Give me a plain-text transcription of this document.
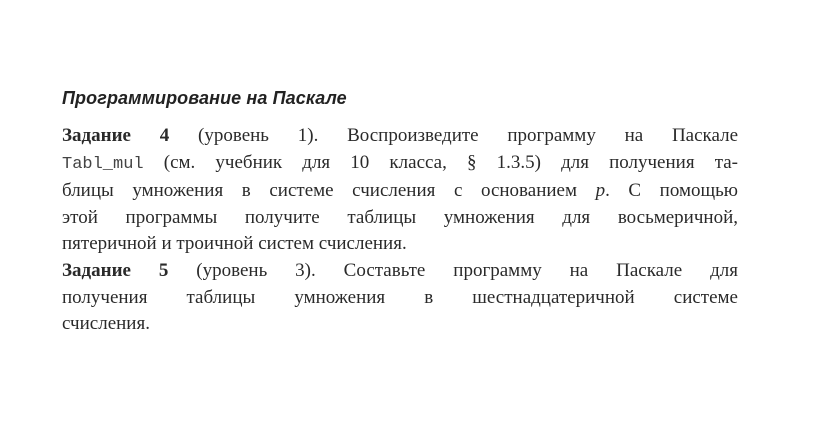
Программирование на Паскале
Задание 4 (уровень 1). Воспроизведите программу на Паскале
Tabl_mul (см. учебник для 10 класса, § 1.3.5) для получения та-
блицы умножения в системе счисления с основанием p. С помощью
этой программы получите таблицы умножения для восьмеричной,
пятеричной и троичной систем счисления.
Задание 5 (уровень 3). Составьте программу на Паскале для
получения таблицы умножения в шестнадцатеричной системе
счисления.
